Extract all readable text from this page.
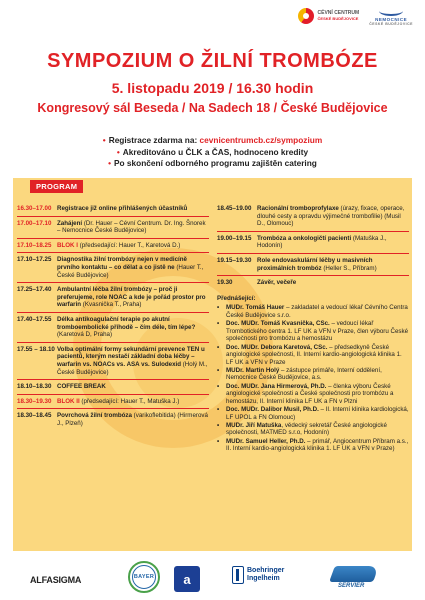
CÉVNÍ CENTRUM
ČESKÉ BUDĚJOVICE	NEMOCNICE
ČESKÉ BUDĚJOVICE
SYMPOZIUM O ŽILNÍ TROMBÓZE
5. listopadu 2019 / 16.30 hodin
Kongresový sál Beseda / Na Sadech 18 / České Budějovice
• Registrace zdarma na: cevnicentrumcb.cz/sympozium
• Akreditováno u ČLK a ČAS, hodnoceno kredity
• Po skončení odborného programu zajištěn catering
PROGRAM
16.30–17.00 Registrace již online přihlášených účastníků
17.00–17.10 Zahájení (Dr. Hauer – Cévní Centrum. Dr. Ing. Šnorek – Nemocnice České Budějovice)
17.10–18.25 BLOK I (předsedající: Hauer T., Karetová D.)
17.10–17.25 Diagnostika žilní trombózy nejen v medicíně prvního kontaktu – co dělat a co jistě ne (Hauer T., České Budějovice)
17.25–17.40 Ambulantní léčba žilní trombózy – proč ji preferujeme, role NOAC a kde je pořád prostor pro warfarin (Kvasnička T., Praha)
17.40–17.55 Délka antikoagulační terapie po akutní tromboembolické příhodě – čím déle, tím lépe? (Karetová D, Praha)
17.55 – 18.10 Volba optimální formy sekundární prevence TEN u pacientů, kterým nestačí základní doba léčby – warfarin vs. NOACs vs. ASA vs. Sulodexid (Holý M., České Budějovice)
18.10–18.30 COFFEE BREAK
18.30–19.30 BLOK II (předsedající: Hauer T., Matuška J.)
18.30–18.45 Povrchová žilní trombóza (varikoflebitida) (Hirmerová J., Plzeň)
18.45–19.00 Racionální tromboprofylaxe (úrazy, fixace, operace, dlouhé cesty a opravdu výjimečné trombofilie) (Musil D., Olomouc)
19.00–19.15 Trombóza a onkologičtí pacienti (Matuška J., Hodonín)
19.15–19.30 Role endovaskulární léčby u masivních proximálních trombóz (Heller S., Příbram)
19.30	Závěr, večeře
Přednášející:
•	MUDr. Tomáš Hauer – zakladatel a vedoucí lékař Cévního Centra České Budějovice s.r.o.
•	Doc. MUDr. Tomáš Kvasnička, CSc. – vedoucí lékař Trombotického centra 1. LF UK a VFN v Praze, člen výboru České společnosti pro trombózu a hemostázu
•	Doc. MUDr. Debora Karetová, CSc. – předsedkyně České angiologické společnosti, II. Interní kardio-angiologická klinika 1. LF UK a VFN v Praze
•	MUDr. Martin Holý – zástupce primáře, Interní oddělení, Nemocnice České Budějovice, a.s.
•	Doc. MUDr. Jana Hirmerová, Ph.D. – členka výboru České angiologické společnosti a České společnosti pro trombózu a hemostázu, II. Interní klinika LF UK a FN v Plzni
•	Doc. MUDr. Dalibor Musil, Ph.D. – II. Interní klinika kardiologická, LF UPOL a FN Olomouc)
•	MUDr. Jiří Matuška, vědecký sekretář České angiologické společnosti, MATMED s.r.o, Hodonín)
•	MUDr. Samuel Heller, Ph.D. – primář, Angiocentrum Příbram a.s., II. Interní kardio-angiologická klinika 1. LF UK a VFN v Praze)
ALFASIGMA	BAYER a
Boehringer
Ingelheim
SERVIER
